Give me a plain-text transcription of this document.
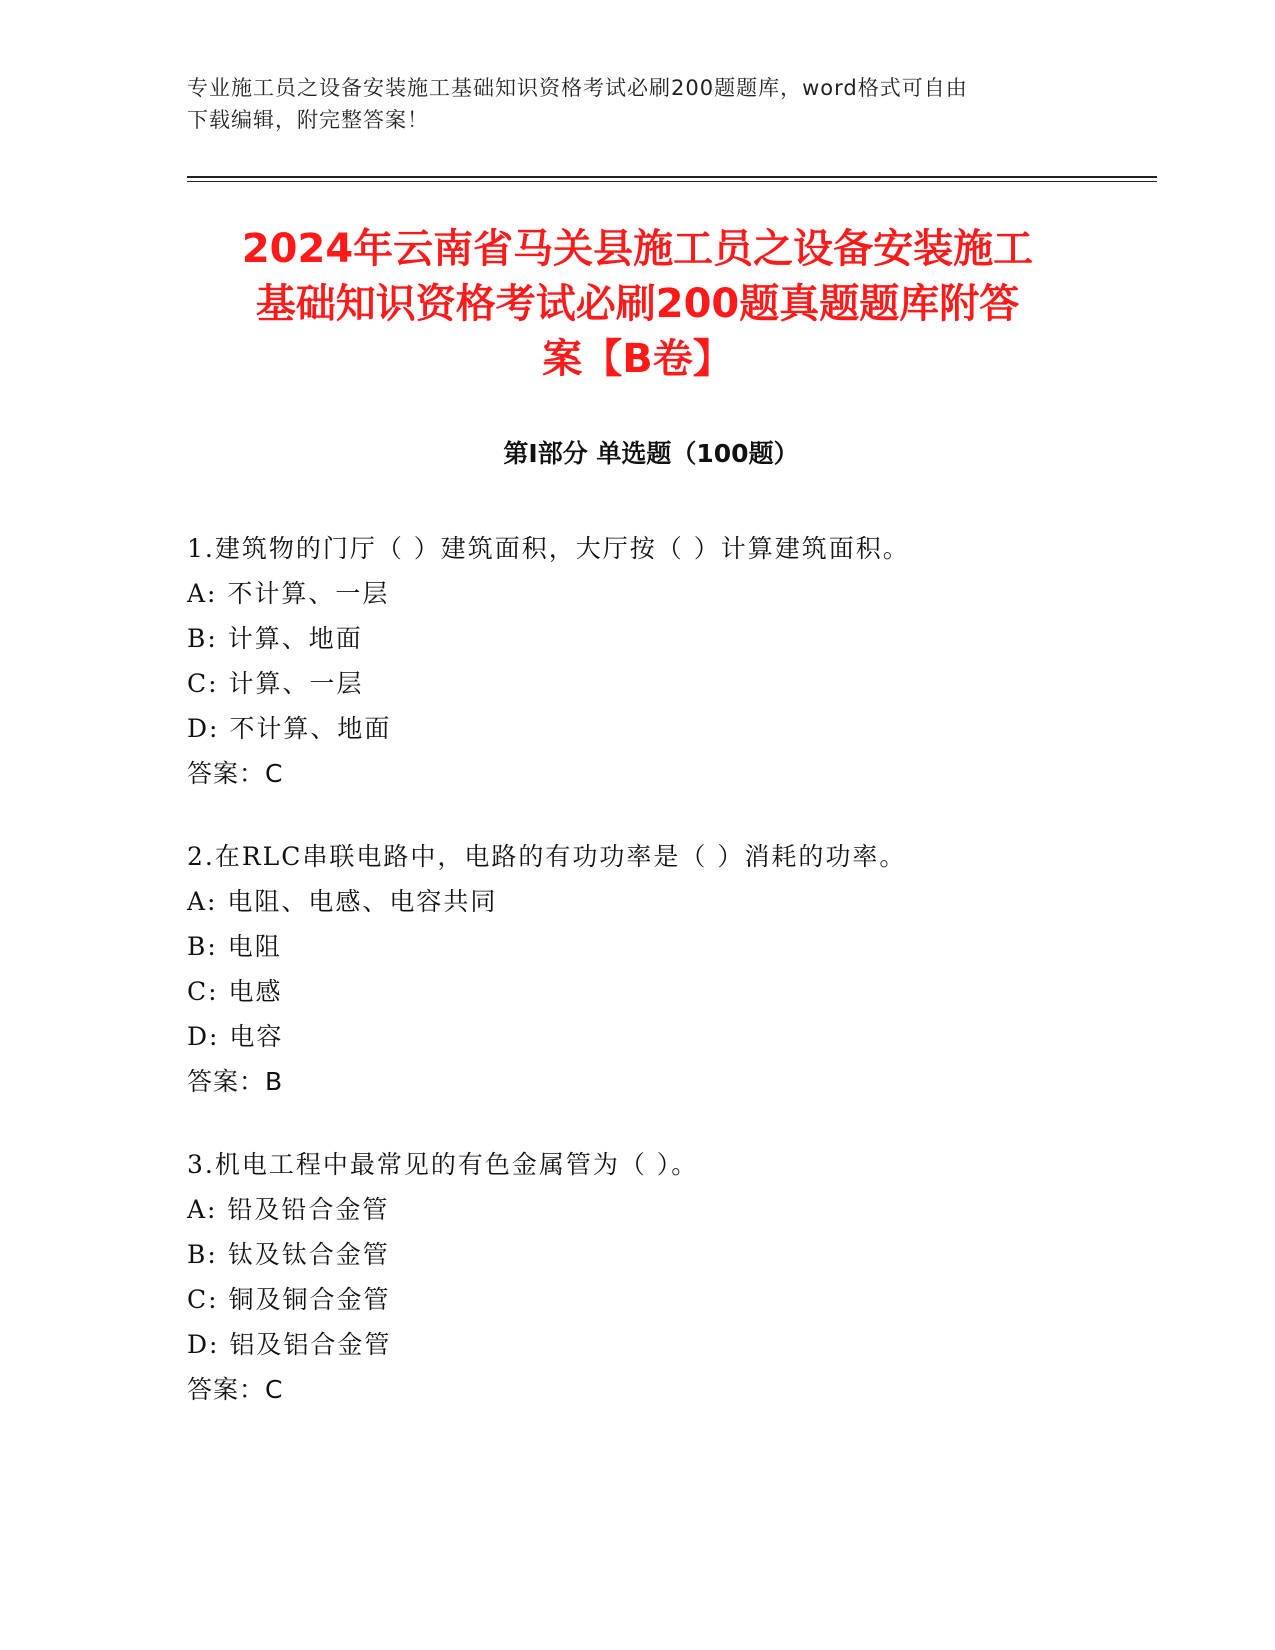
专业施工员之设备安装施工基础知识资格考试必刷200题题库，word格式可自由
下载编辑，附完整答案！
2024年云南省马关县施工员之设备安装施工
基础知识资格考试必刷200题真题题库附答
案【B卷】
第Ⅰ部分 单选题（100题）
1.建筑物的门厅（ ）建筑面积，大厅按（ ）计算建筑面积。
A: 不计算、一层
B: 计算、地面
C: 计算、一层
D: 不计算、地面
答案：C
2.在RLC串联电路中，电路的有功功率是（ ）消耗的功率。
A: 电阻、电感、电容共同
B: 电阻
C: 电感
D: 电容
答案：B
3.机电工程中最常见的有色金属管为（ ）。
A: 铅及铅合金管
B: 钛及钛合金管
C: 铜及铜合金管
D: 铝及铝合金管
答案：C
